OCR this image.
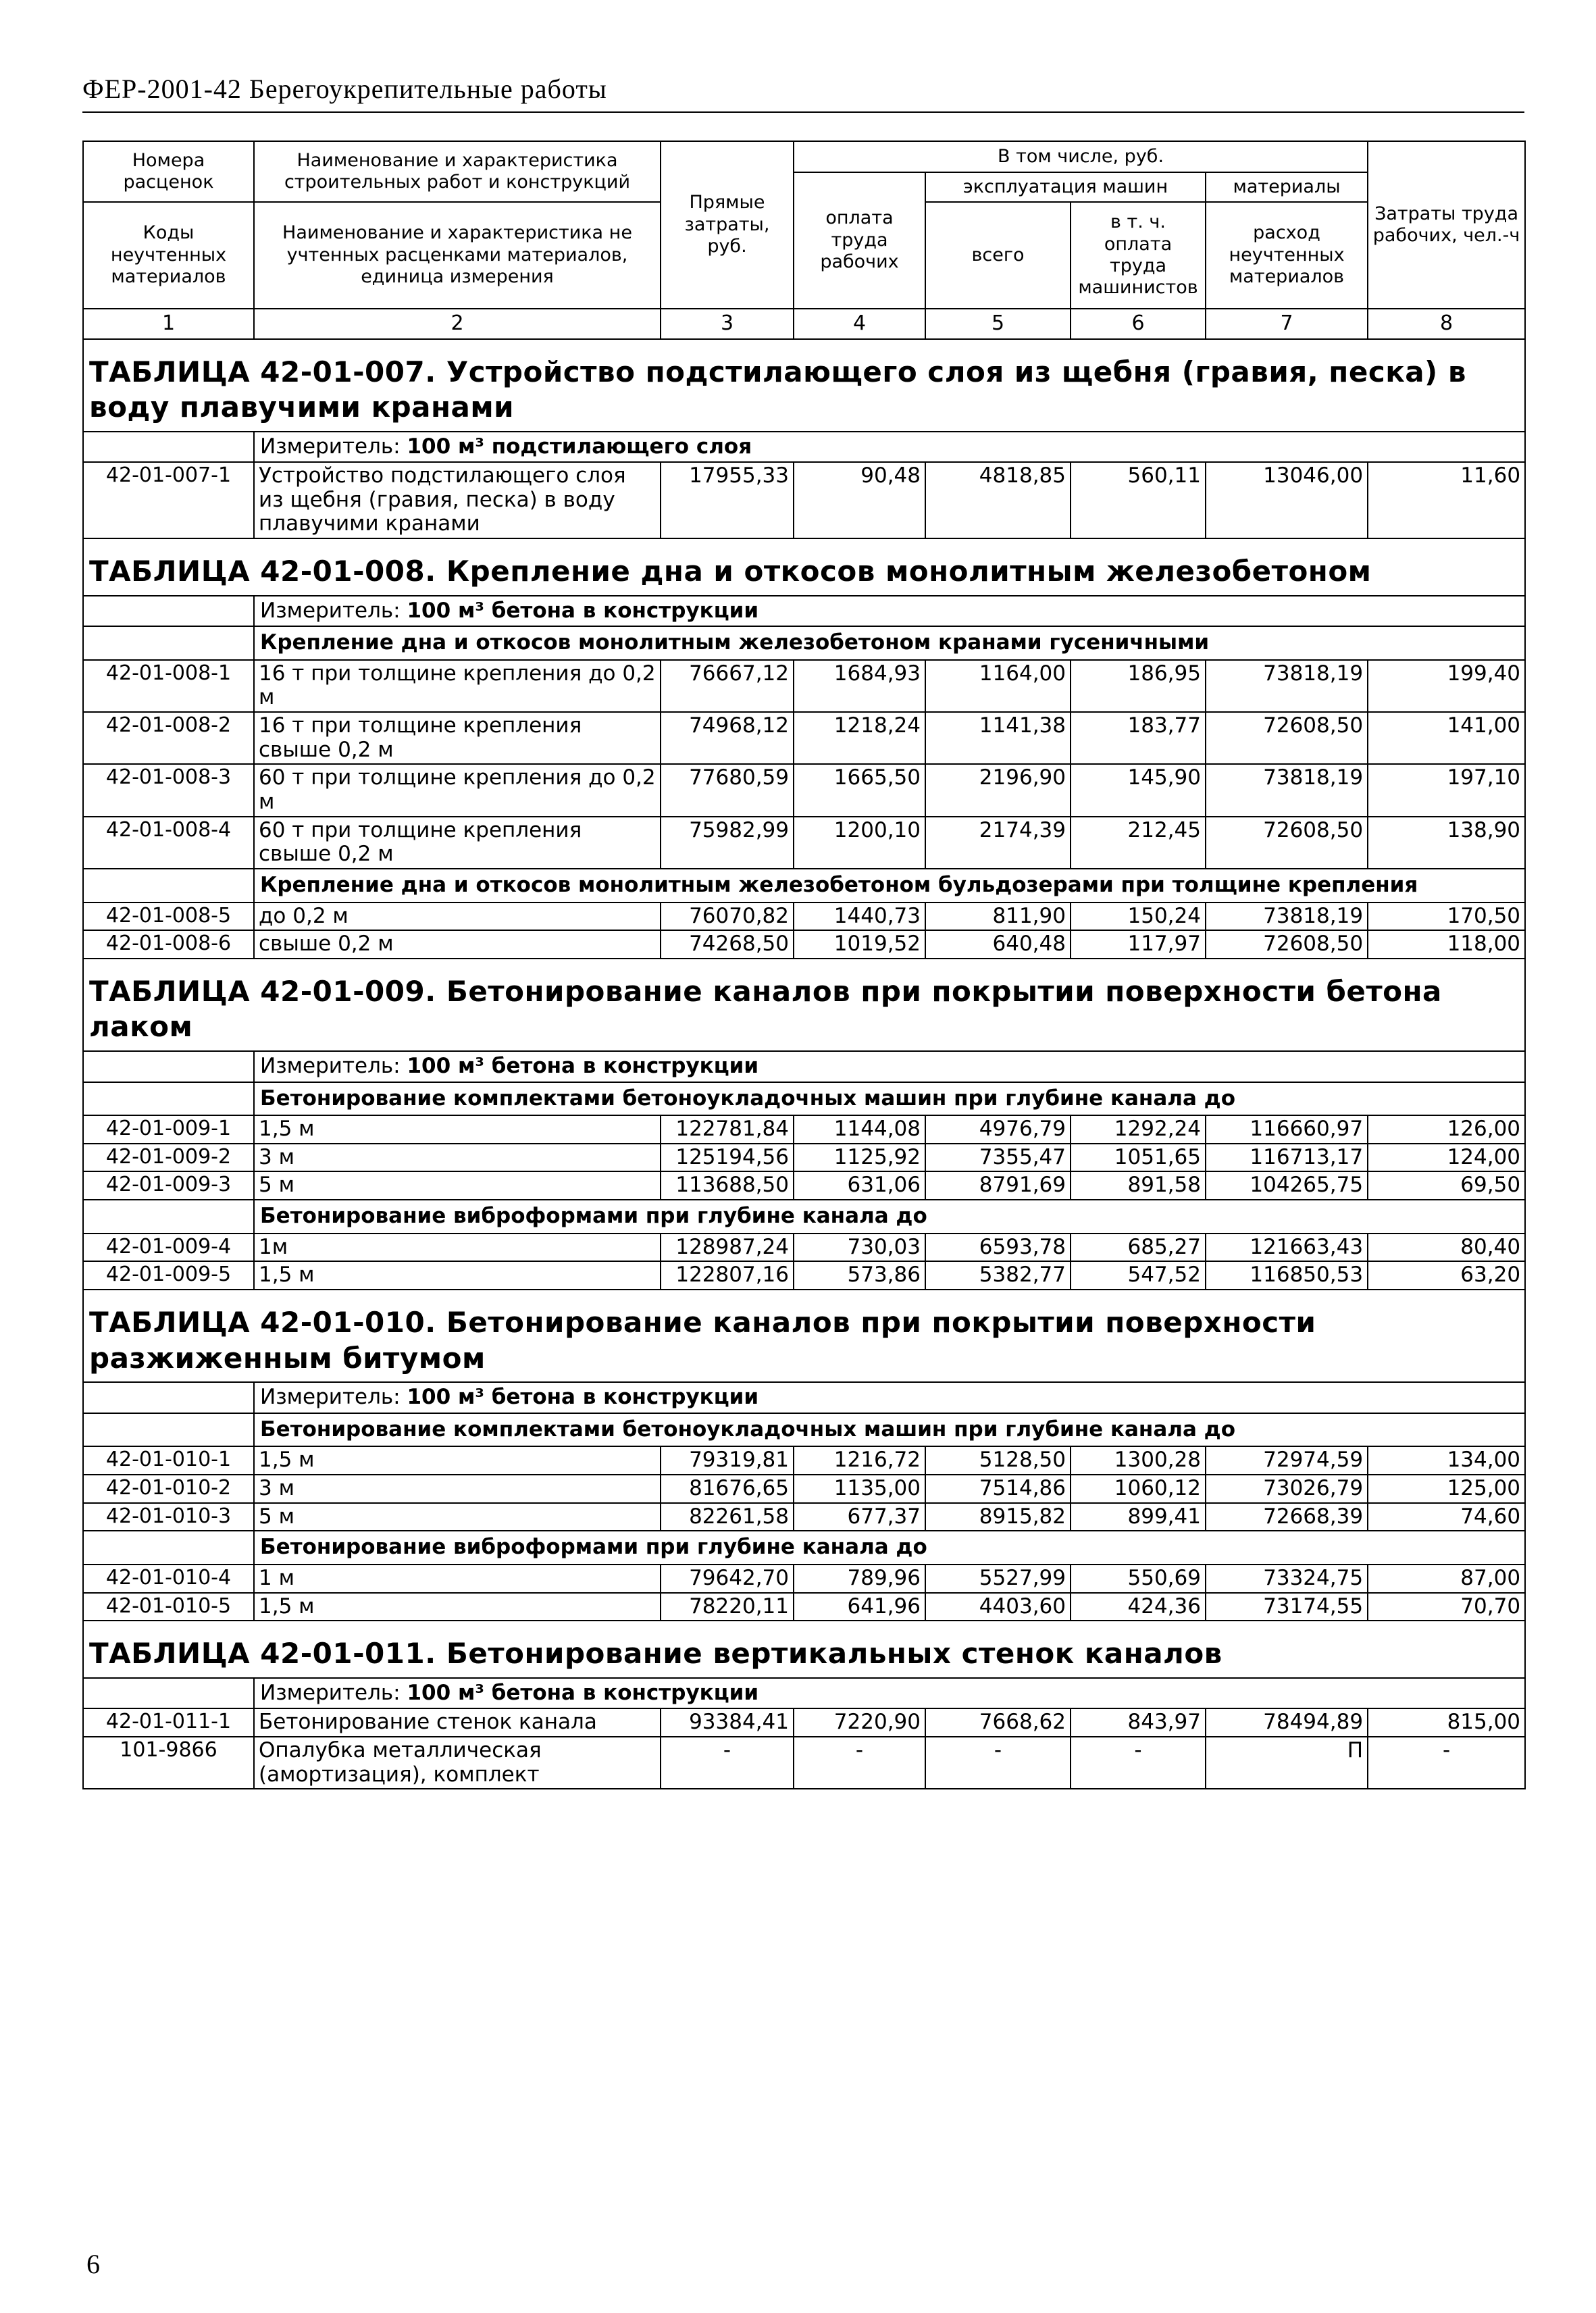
ФЕР-2001-42 Берегоукрепительные работы
Номера расценок	Наименование и характеристика строительных работ и конструкций	Прямые затраты, руб.	В том числе, руб.				Затраты труда рабочих, чел.-ч
			оплата труда рабочих	эксплуатация машин		материалы	
Коды неучтенных материалов	Наименование и характеристика не учтенных расценками материалов, единица измерения			всего	в т. ч. оплата труда машинистов	расход неучтенных материалов	

1	2	3	4	5	6	7	8
ТАБЛИЦА 42-01-007. Устройство подстилающего слоя из щебня (гравия, песка) в воду плавучими кранами							
	Измеритель: 100 м³ подстилающего слоя						
42-01-007-1	Устройство подстилающего слоя из щебня (гравия, песка) в воду плавучими кранами	17955,33	90,48	4818,85	560,11	13046,00	11,60
ТАБЛИЦА 42-01-008. Крепление дна и откосов монолитным железобетоном							
	Измеритель: 100 м³ бетона в конструкции						
	Крепление дна и откосов монолитным железобетоном кранами гусеничными						
42-01-008-1	16 т при толщине крепления до 0,2 м	76667,12	1684,93	1164,00	186,95	73818,19	199,40
42-01-008-2	16 т при толщине крепления свыше 0,2 м	74968,12	1218,24	1141,38	183,77	72608,50	141,00
42-01-008-3	60 т при толщине крепления до 0,2 м	77680,59	1665,50	2196,90	145,90	73818,19	197,10
42-01-008-4	60 т при толщине крепления свыше 0,2 м	75982,99	1200,10	2174,39	212,45	72608,50	138,90
	Крепление дна и откосов монолитным железобетоном бульдозерами при толщине крепления						
42-01-008-5	до 0,2 м	76070,82	1440,73	811,90	150,24	73818,19	170,50
42-01-008-6	свыше 0,2 м	74268,50	1019,52	640,48	117,97	72608,50	118,00
ТАБЛИЦА 42-01-009. Бетонирование каналов при покрытии поверхности бетона лаком							
	Измеритель: 100 м³ бетона в конструкции						
	Бетонирование комплектами бетоноукладочных машин при глубине канала до						
42-01-009-1	1,5 м	122781,84	1144,08	4976,79	1292,24	116660,97	126,00
42-01-009-2	3 м	125194,56	1125,92	7355,47	1051,65	116713,17	124,00
42-01-009-3	5 м	113688,50	631,06	8791,69	891,58	104265,75	69,50
	Бетонирование виброформами при глубине канала до						
42-01-009-4	1м	128987,24	730,03	6593,78	685,27	121663,43	80,40
42-01-009-5	1,5 м	122807,16	573,86	5382,77	547,52	116850,53	63,20
ТАБЛИЦА 42-01-010. Бетонирование каналов при покрытии поверхности разжиженным битумом							
	Измеритель: 100 м³ бетона в конструкции						
	Бетонирование комплектами бетоноукладочных машин при глубине канала до						
42-01-010-1	1,5 м	79319,81	1216,72	5128,50	1300,28	72974,59	134,00
42-01-010-2	3 м	81676,65	1135,00	7514,86	1060,12	73026,79	125,00
42-01-010-3	5 м	82261,58	677,37	8915,82	899,41	72668,39	74,60
	Бетонирование виброформами при глубине канала до						
42-01-010-4	1 м	79642,70	789,96	5527,99	550,69	73324,75	87,00
42-01-010-5	1,5 м	78220,11	641,96	4403,60	424,36	73174,55	70,70
ТАБЛИЦА 42-01-011. Бетонирование вертикальных стенок каналов							
	Измеритель: 100 м³ бетона в конструкции						
42-01-011-1	Бетонирование стенок канала	93384,41	7220,90	7668,62	843,97	78494,89	815,00
101-9866	Опалубка металлическая (амортизация), комплект	-	-	-	-	П	-
6
